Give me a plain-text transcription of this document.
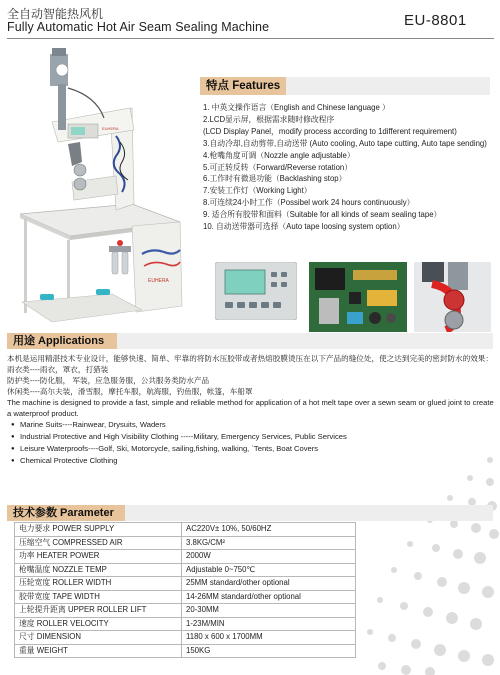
全自动智能热风机
Fully Automatic Hot Air Seam Sealing Machine	EU-8801
EUHERA
EUHERA
特点 Features
1. 中英文操作语言（English and Chinese language ）
2.LCD显示屏，根据需求随时修改程序
(LCD Display Panel，modify process according to 1different requirement)
3.自动冷却,自动剪带,自动送带 (Auto cooling, Auto tape cutting, Auto tape sending)
4.枪嘴角度可调（Nozzle angle adjustable）
5.可正转反转（Forward/Reverse rotation）
6.工作时有微退功能（Backlashing stop）
7.安装工作灯（Working Light）
8.可连续24小时工作（Possibel work 24 hours continuously）
9. 适合所有胶带和面料（Suitable for all kinds of seam sealing tape）
10. 自动送带器可选择（Auto tape loosing system option）
用途 Applications
本机是运用精湛技术专业设计，能够快速、简单、牢靠的将防水压胶带或者热熔胶膜烫压在以下产品的缝位处，使之达到完美的密封防水的效果：
雨衣类----雨衣，罩衣，打猎装
防护类----防化服， 军装，应急服务服，公共服务类防水产品
休闲类----高尔夫装，滑雪服，摩托车服，航海服，钓鱼服，帐篷，车船罩
The machine is designed to provide a fast, simple and reliable method for application of a hot melt tape over a sewn seam or glued joint to create a waterproof product.
● Marine Suits----Rainwear, Drysuits, Waders
● Industrial Protective and High Visibility Clothing -----Military, Emergency Services, Public Services
● Leisure Waterproofs----Golf, Ski, Motorcycle, sailing,fishing, walking, `Tents, Boat Covers
● Chemical Protective Clothing
技术参数 Parameter
电力要求 POWER SUPPLY	AC220V± 10%, 50/60HZ
压缩空气 COMPRESSED AIR	3.8KG/CM²
功率 HEATER POWER	2000W
枪嘴温度 NOZZLE TEMP	Adjustable 0~750℃
压轮宽度 ROLLER WIDTH	25MM standard/other optional
胶带宽度 TAPE WIDTH	14-26MM standard/other optional
上轮提升距离 UPPER ROLLER LIFT	20-30MM
速度 ROLLER VELOCITY	1-23M/MIN
尺寸 DIMENSION	1180 x 600 x 1700MM
重量 WEIGHT	150KG
